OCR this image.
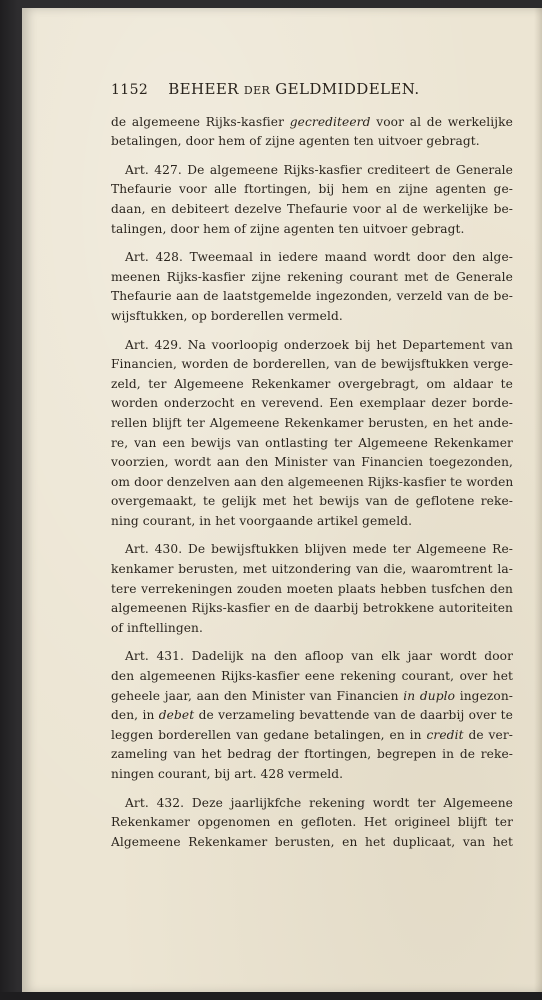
1152 BEHEER DER GELDMIDDELEN.
de algemeene Rijks-kasfier gecrediteerd voor al de werkelijke
betalingen, door hem of zijne agenten ten uitvoer gebragt.
Art. 427. De algemeene Rijks-kasfier crediteert de Generale
Thefaurie voor alle ftortingen, bij hem en zijne agenten ge-
daan, en debiteert dezelve Thefaurie voor al de werkelijke be-
talingen, door hem of zijne agenten ten uitvoer gebragt.
Art. 428. Tweemaal in iedere maand wordt door den alge-
meenen Rijks-kasfier zijne rekening courant met de Generale
Thefaurie aan de laatstgemelde ingezonden, verzeld van de be-
wijsftukken, op borderellen vermeld.
Art. 429. Na voorloopig onderzoek bij het Departement van
Financien, worden de borderellen, van de bewijsftukken verge-
zeld, ter Algemeene Rekenkamer overgebragt, om aldaar te
worden onderzocht en verevend. Een exemplaar dezer borde-
rellen blijft ter Algemeene Rekenkamer berusten, en het ande-
re, van een bewijs van ontlasting ter Algemeene Rekenkamer
voorzien, wordt aan den Minister van Financien toegezonden,
om door denzelven aan den algemeenen Rijks-kasfier te worden
overgemaakt, te gelijk met het bewijs van de geflotene reke-
ning courant, in het voorgaande artikel gemeld.
Art. 430. De bewijsftukken blijven mede ter Algemeene Re-
kenkamer berusten, met uitzondering van die, waaromtrent la-
tere verrekeningen zouden moeten plaats hebben tusfchen den
algemeenen Rijks-kasfier en de daarbij betrokkene autoriteiten
of inftellingen.
Art. 431. Dadelijk na den afloop van elk jaar wordt door
den algemeenen Rijks-kasfier eene rekening courant, over het
geheele jaar, aan den Minister van Financien in duplo ingezon-
den, in debet de verzameling bevattende van de daarbij over te
leggen borderellen van gedane betalingen, en in credit de ver-
zameling van het bedrag der ftortingen, begrepen in de reke-
ningen courant, bij art. 428 vermeld.
Art. 432. Deze jaarlijkfche rekening wordt ter Algemeene
Rekenkamer opgenomen en gefloten. Het origineel blijft ter
Algemeene Rekenkamer berusten, en het duplicaat, van het
